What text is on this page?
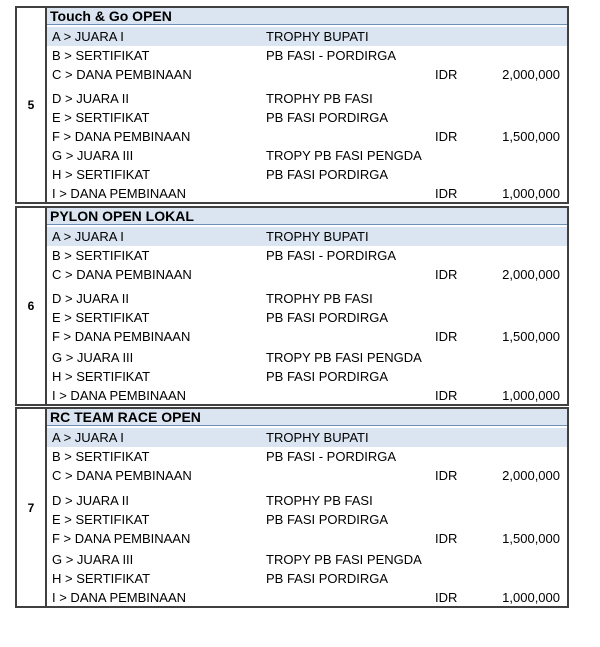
5
Touch & Go OPEN
A > JUARA I	TROPHY BUPATI
B > SERTIFIKAT	PB FASI - PORDIRGA
C > DANA PEMBINAAN	IDR	2,000,000
D > JUARA II	TROPHY PB FASI
E > SERTIFIKAT	PB FASI PORDIRGA
F > DANA PEMBINAAN	IDR	1,500,000
G > JUARA III	TROPY PB FASI PENGDA
H > SERTIFIKAT	PB FASI PORDIRGA
I > DANA PEMBINAAN	IDR	1,000,000
6
PYLON OPEN LOKAL
A > JUARA I	TROPHY BUPATI
B > SERTIFIKAT	PB FASI - PORDIRGA
C > DANA PEMBINAAN	IDR	2,000,000
D > JUARA II	TROPHY PB FASI
E > SERTIFIKAT	PB FASI PORDIRGA
F > DANA PEMBINAAN	IDR	1,500,000
G > JUARA III	TROPY PB FASI PENGDA
H > SERTIFIKAT	PB FASI PORDIRGA
I > DANA PEMBINAAN	IDR	1,000,000
7
RC TEAM RACE OPEN
A > JUARA I	TROPHY BUPATI
B > SERTIFIKAT	PB FASI - PORDIRGA
C > DANA PEMBINAAN	IDR	2,000,000
D > JUARA II	TROPHY PB FASI
E > SERTIFIKAT	PB FASI PORDIRGA
F > DANA PEMBINAAN	IDR	1,500,000
G > JUARA III	TROPY PB FASI PENGDA
H > SERTIFIKAT	PB FASI PORDIRGA
I > DANA PEMBINAAN	IDR	1,000,000
